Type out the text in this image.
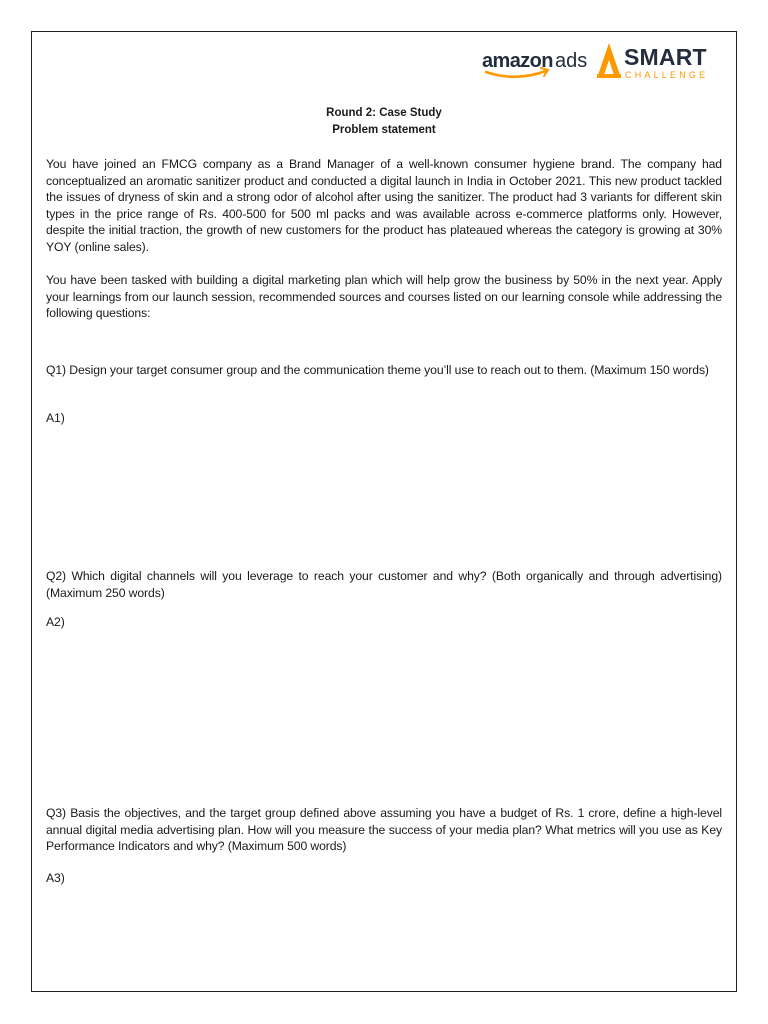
amazon ads SMART
CHALLENGE
Round 2: Case Study
Problem statement

You have joined an FMCG company as a Brand Manager of a well-known consumer hygiene brand. The company had conceptualized an aromatic sanitizer product and conducted a digital launch in India in October 2021. This new product tackled the issues of dryness of skin and a strong odor of alcohol after using the sanitizer. The product had 3 variants for different skin types in the price range of Rs. 400-500 for 500 ml packs and was available across e-commerce platforms only. However, despite the initial traction, the growth of new customers for the product has plateaued whereas the category is growing at 30% YOY (online sales).

You have been tasked with building a digital marketing plan which will help grow the business by 50% in the next year. Apply your learnings from our launch session, recommended sources and courses listed on our learning console while addressing the following questions:

Q1) Design your target consumer group and the communication theme you’ll use to reach out to them. (Maximum 150 words)

A1)

Q2) Which digital channels will you leverage to reach your customer and why? (Both organically and through advertising) (Maximum 250 words)

A2)

Q3) Basis the objectives, and the target group defined above assuming you have a budget of Rs. 1 crore, define a high-level annual digital media advertising plan. How will you measure the success of your media plan? What metrics will you use as Key Performance Indicators and why? (Maximum 500 words)

A3)
